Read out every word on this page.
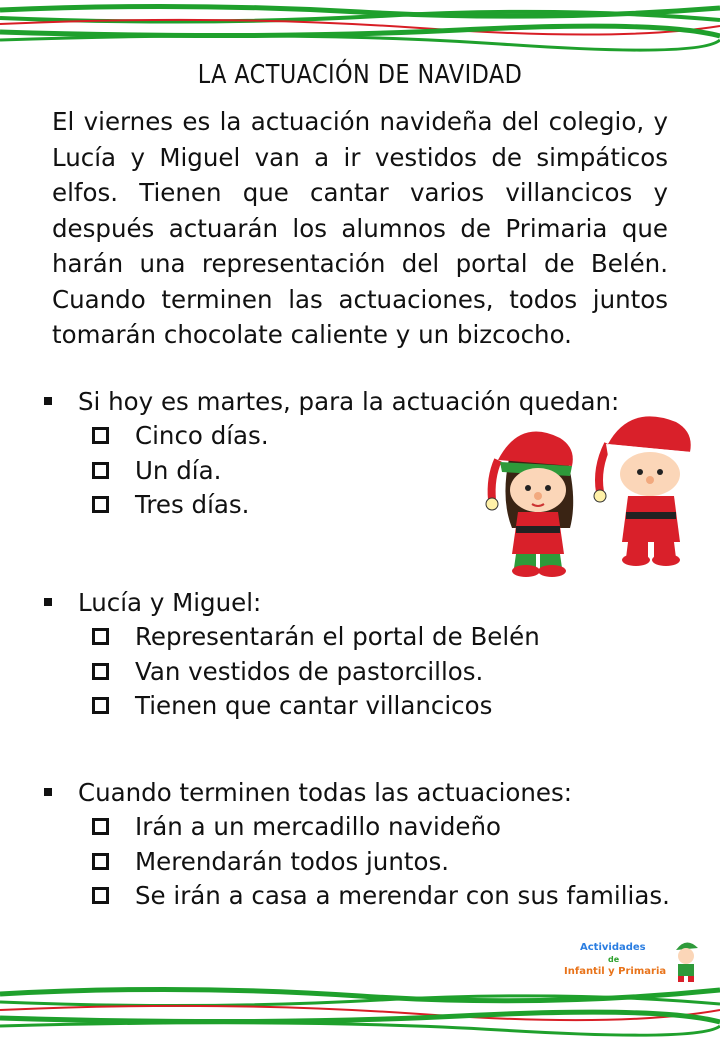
LA ACTUACIÓN DE NAVIDAD

El viernes es la actuación navideña del colegio, y Lucía y Miguel van a ir vestidos de simpáticos elfos. Tienen que cantar varios villancicos y después actuarán los alumnos de Primaria que harán una representación del portal de Belén. Cuando terminen las actuaciones, todos juntos tomarán chocolate caliente y un bizcocho.

Si hoy es martes, para la actuación quedan:
Cinco días.
Un día.
Tres días.
Lucía y Miguel:
Representarán el portal de Belén
Van vestidos de pastorcillos.
Tienen que cantar villancicos
Cuando terminen todas las actuaciones:
Irán a un mercadillo navideño
Merendarán todos juntos.
Se irán a casa a merendar con sus familias.
Actividades
de
Infantil y Primaria
